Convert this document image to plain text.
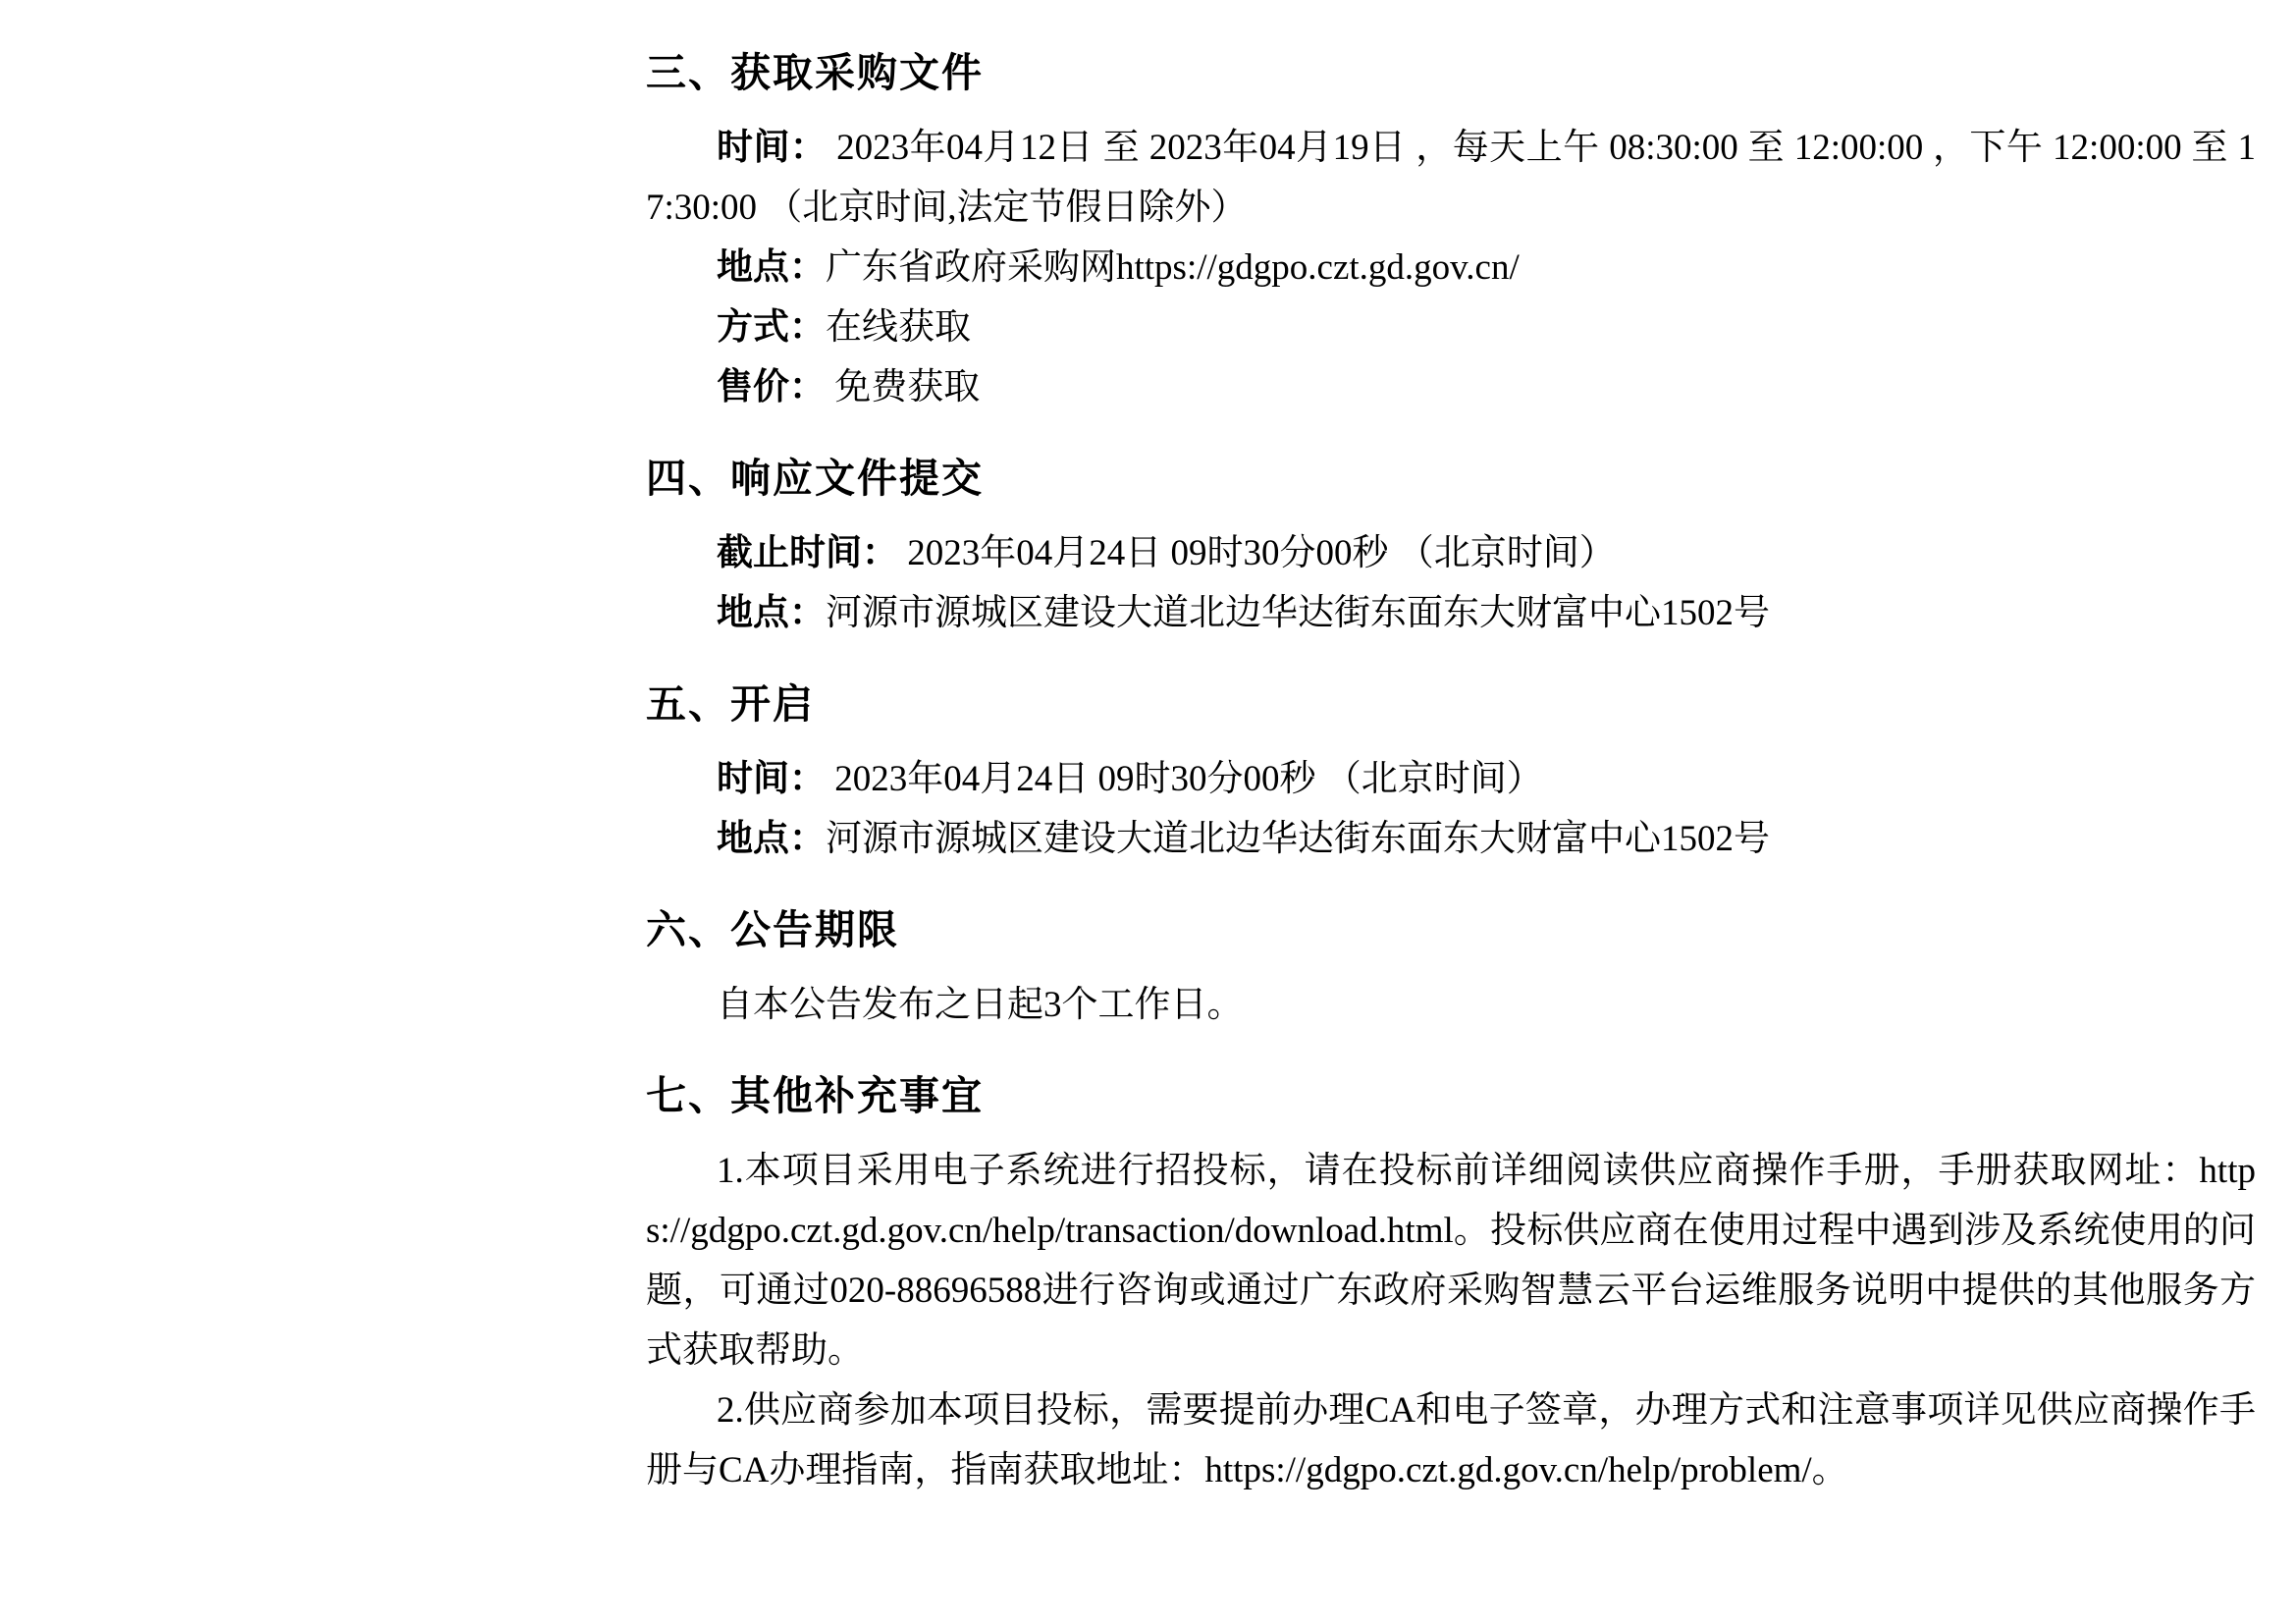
三、获取采购文件

时间： 2023年04月12日 至 2023年04月19日 ，每天上午 08:30:00 至 12:00:00 ，下午 12:00:00 至 17:30:00 （北京时间,法定节假日除外）

地点：广东省政府采购网https://gdgpo.czt.gd.gov.cn/

方式：在线获取

售价： 免费获取

四、响应文件提交

截止时间： 2023年04月24日 09时30分00秒 （北京时间）

地点：河源市源城区建设大道北边华达街东面东大财富中心1502号

五、开启

时间： 2023年04月24日 09时30分00秒 （北京时间）

地点：河源市源城区建设大道北边华达街东面东大财富中心1502号

六、公告期限

自本公告发布之日起3个工作日。

七、其他补充事宜

1.本项目采用电子系统进行招投标，请在投标前详细阅读供应商操作手册，手册获取网址：https://gdgpo.czt.gd.gov.cn/help/transaction/download.html。投标供应商在使用过程中遇到涉及系统使用的问题，可通过020-88696588进行咨询或通过广东政府采购智慧云平台运维服务说明中提供的其他服务方式获取帮助。

2.供应商参加本项目投标，需要提前办理CA和电子签章，办理方式和注意事项详见供应商操作手册与CA办理指南，指南获取地址：https://gdgpo.czt.gd.gov.cn/help/problem/。
